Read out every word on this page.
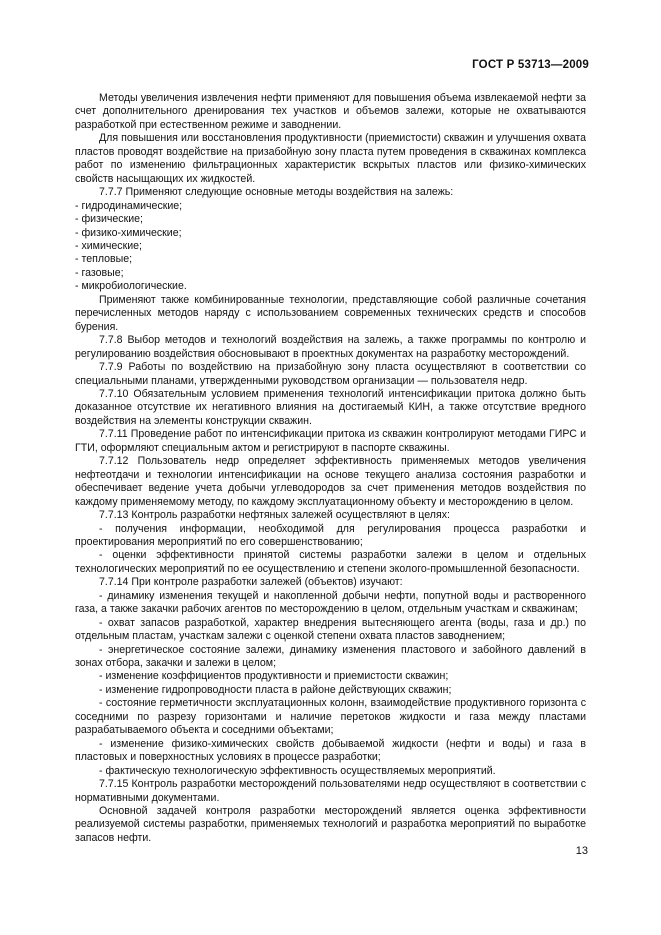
ГОСТ Р 53713—2009

Методы увеличения извлечения нефти применяют для повышения объема извлекаемой нефти за счет дополнительного дренирования тех участков и объемов залежи, которые не охватываются разработкой при естественном режиме и заводнении.

Для повышения или восстановления продуктивности (приемистости) скважин и улучшения охвата пластов проводят воздействие на призабойную зону пласта путем проведения в скважинах комплекса работ по изменению фильтрационных характеристик вскрытых пластов или физико-химических свойств насыщающих их жидкостей.

7.7.7 Применяют следующие основные методы воздействия на залежь:

- гидродинамические;

- физические;

- физико-химические;

- химические;

- тепловые;

- газовые;

- микробиологические.

Применяют также комбинированные технологии, представляющие собой различные сочетания перечисленных методов наряду с использованием современных технических средств и способов бурения.

7.7.8 Выбор методов и технологий воздействия на залежь, а также программы по контролю и регулированию воздействия обосновывают в проектных документах на разработку месторождений.

7.7.9 Работы по воздействию на призабойную зону пласта осуществляют в соответствии со специальными планами, утвержденными руководством организации — пользователя недр.

7.7.10 Обязательным условием применения технологий интенсификации притока должно быть доказанное отсутствие их негативного влияния на достигаемый КИН, а также отсутствие вредного воздействия на элементы конструкции скважин.

7.7.11 Проведение работ по интенсификации притока из скважин контролируют методами ГИРС и ГТИ, оформляют специальным актом и регистрируют в паспорте скважины.

7.7.12 Пользователь недр определяет эффективность применяемых методов увеличения нефтеотдачи и технологии интенсификации на основе текущего анализа состояния разработки и обеспечивает ведение учета добычи углеводородов за счет применения методов воздействия по каждому применяемому методу, по каждому эксплуатационному объекту и месторождению в целом.

7.7.13 Контроль разработки нефтяных залежей осуществляют в целях:

- получения информации, необходимой для регулирования процесса разработки и проектирования мероприятий по его совершенствованию;

- оценки эффективности принятой системы разработки залежи в целом и отдельных технологических мероприятий по ее осуществлению и степени эколого-промышленной безопасности.

7.7.14 При контроле разработки залежей (объектов) изучают:

- динамику изменения текущей и накопленной добычи нефти, попутной воды и растворенного газа, а также закачки рабочих агентов по месторождению в целом, отдельным участкам и скважинам;

- охват запасов разработкой, характер внедрения вытесняющего агента (воды, газа и др.) по отдельным пластам, участкам залежи с оценкой степени охвата пластов заводнением;

- энергетическое состояние залежи, динамику изменения пластового и забойного давлений в зонах отбора, закачки и залежи в целом;

- изменение коэффициентов продуктивности и приемистости скважин;

- изменение гидропроводности пласта в районе действующих скважин;

- состояние герметичности эксплуатационных колонн, взаимодействие продуктивного горизонта с соседними по разрезу горизонтами и наличие перетоков жидкости и газа между пластами разрабатываемого объекта и соседними объектами;

- изменение физико-химических свойств добываемой жидкости (нефти и воды) и газа в пластовых и поверхностных условиях в процессе разработки;

- фактическую технологическую эффективность осуществляемых мероприятий.

7.7.15 Контроль разработки месторождений пользователями недр осуществляют в соответствии с нормативными документами.

Основной задачей контроля разработки месторождений является оценка эффективности реализуемой системы разработки, применяемых технологий и разработка мероприятий по выработке запасов нефти.

13
